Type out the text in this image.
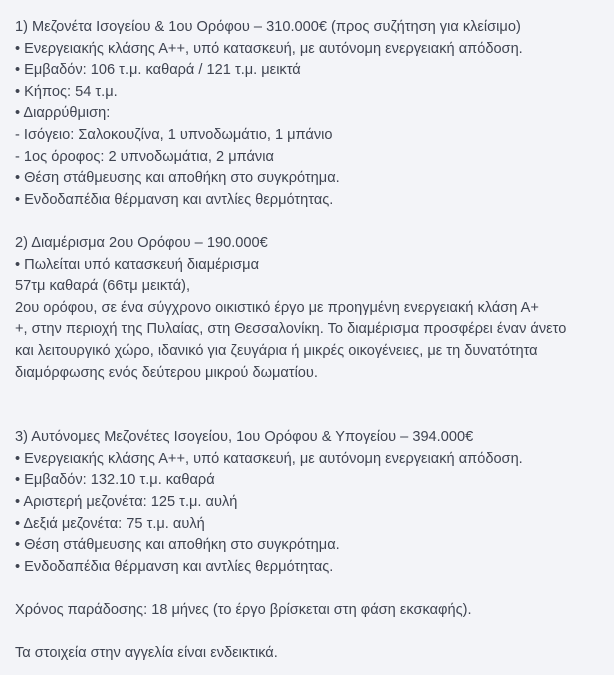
1) Μεζονέτα Ισογείου & 1ου Ορόφου – 310.000€ (προς συζήτηση για κλείσιμο)
• Ενεργειακής κλάσης Α++, υπό κατασκευή, με αυτόνομη ενεργειακή απόδοση.
• Εμβαδόν: 106 τ.μ. καθαρά / 121 τ.μ. μεικτά
• Κήπος: 54 τ.μ.
• Διαρρύθμιση:
- Ισόγειο: Σαλοκουζίνα, 1 υπνοδωμάτιο, 1 μπάνιο
- 1ος όροφος: 2 υπνοδωμάτια, 2 μπάνια
• Θέση στάθμευσης και αποθήκη στο συγκρότημα.
• Ενδοδαπέδια θέρμανση και αντλίες θερμότητας.
2) Διαμέρισμα 2ου Ορόφου – 190.000€
• Πωλείται υπό κατασκευή διαμέρισμα
57τμ καθαρά (66τμ μεικτά),
2ου ορόφου, σε ένα σύγχρονο οικιστικό έργο με προηγμένη ενεργειακή κλάση Α+
+, στην περιοχή της Πυλαίας, στη Θεσσαλονίκη. Το διαμέρισμα προσφέρει έναν άνετο
και λειτουργικό χώρο, ιδανικό για ζευγάρια ή μικρές οικογένειες, με τη δυνατότητα
διαμόρφωσης ενός δεύτερου μικρού δωματίου.
3) Αυτόνομες Μεζονέτες Ισογείου, 1ου Ορόφου & Υπογείου – 394.000€
• Ενεργειακής κλάσης Α++, υπό κατασκευή, με αυτόνομη ενεργειακή απόδοση.
• Εμβαδόν: 132.10 τ.μ. καθαρά
• Αριστερή μεζονέτα: 125 τ.μ. αυλή
• Δεξιά μεζονέτα: 75 τ.μ. αυλή
• Θέση στάθμευσης και αποθήκη στο συγκρότημα.
• Ενδοδαπέδια θέρμανση και αντλίες θερμότητας.
Χρόνος παράδοσης: 18 μήνες (το έργο βρίσκεται στη φάση εκσκαφής).
Τα στοιχεία στην αγγελία είναι ενδεικτικά.
